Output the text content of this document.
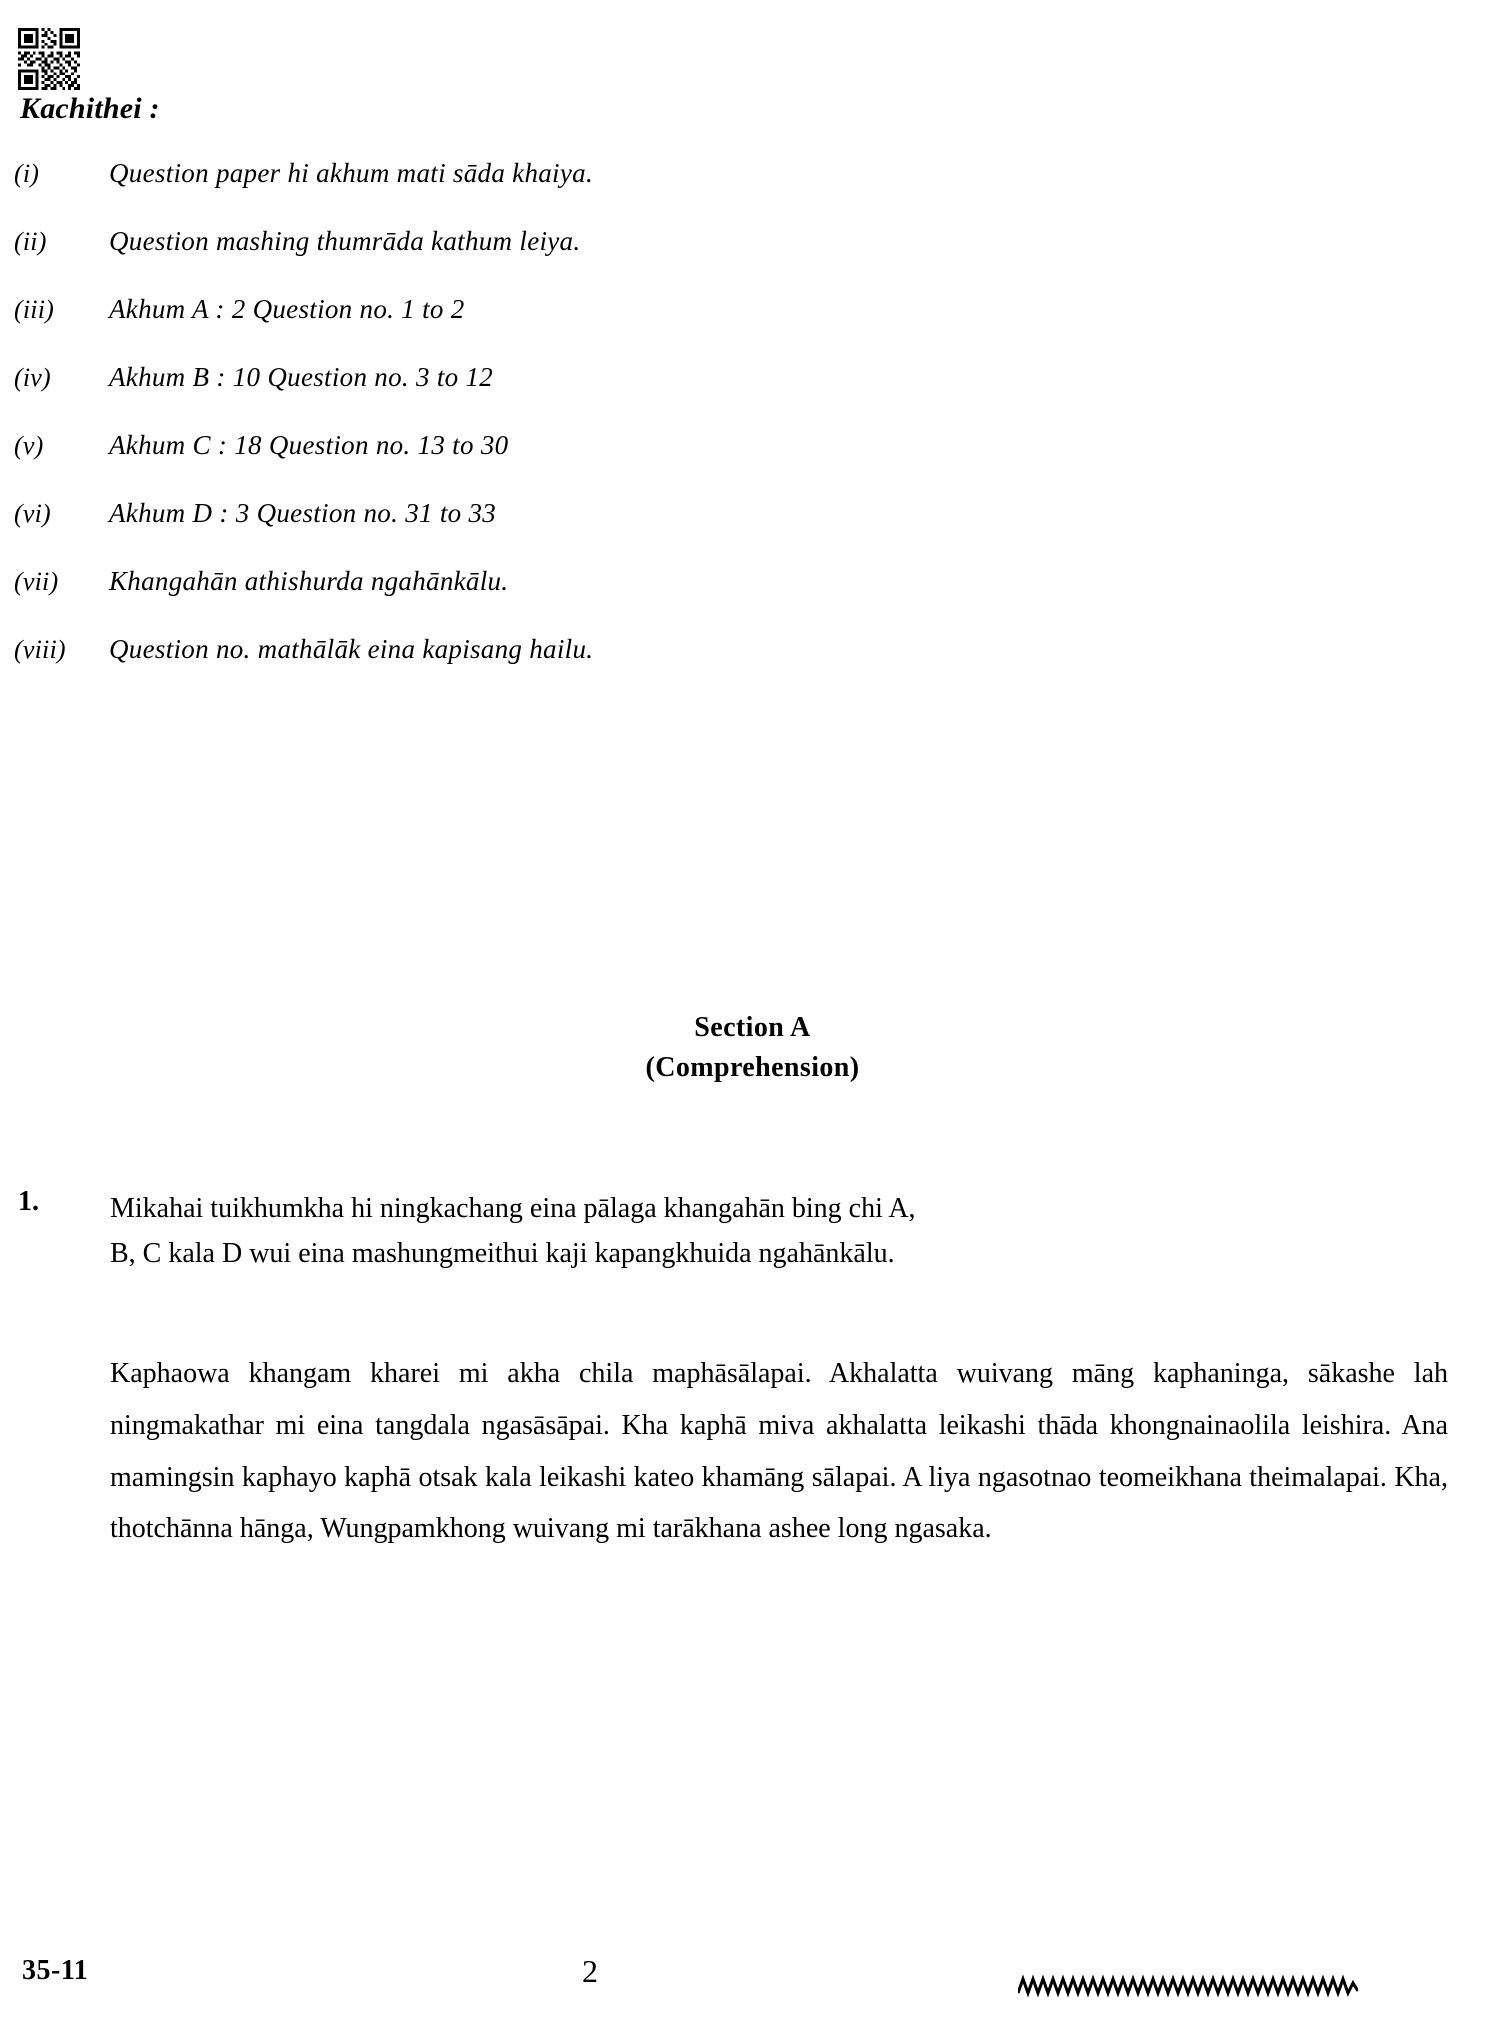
Kachithei :
(i)	Question paper hi akhum mati sāda khaiya.
(ii)	Question mashing thumrāda kathum leiya.
(iii)	Akhum A : 2 Question no. 1 to 2
(iv)	Akhum B : 10 Question no. 3 to 12
(v)	Akhum C : 18 Question no. 13 to 30
(vi)	Akhum D : 3 Question no. 31 to 33
(vii)	Khangahān athishurda ngahānkālu.
(viii)	Question no. mathālāk eina kapisang hailu.
Section A
(Comprehension)
1.	Mikahai tuikhumkha hi ningkachang eina pālaga khangahān bing chi A,
B, C kala D wui eina mashungmeithui kaji kapangkhuida ngahānkālu.

Kaphaowa khangam kharei mi akha chila maphāsālapai. Akhalatta wuivang māng kaphaninga, sākashe lah ningmakathar mi eina tangdala ngasāsāpai. Kha kaphā miva akhalatta leikashi thāda khongnainaolila leishira. Ana mamingsin kaphayo kaphā otsak kala leikashi kateo khamāng sālapai. A liya ngasotnao teomeikhana theimalapai. Kha, thotchānna hānga, Wungpamkhong wuivang mi tarākhana ashee long ngasaka.

35-11	2
